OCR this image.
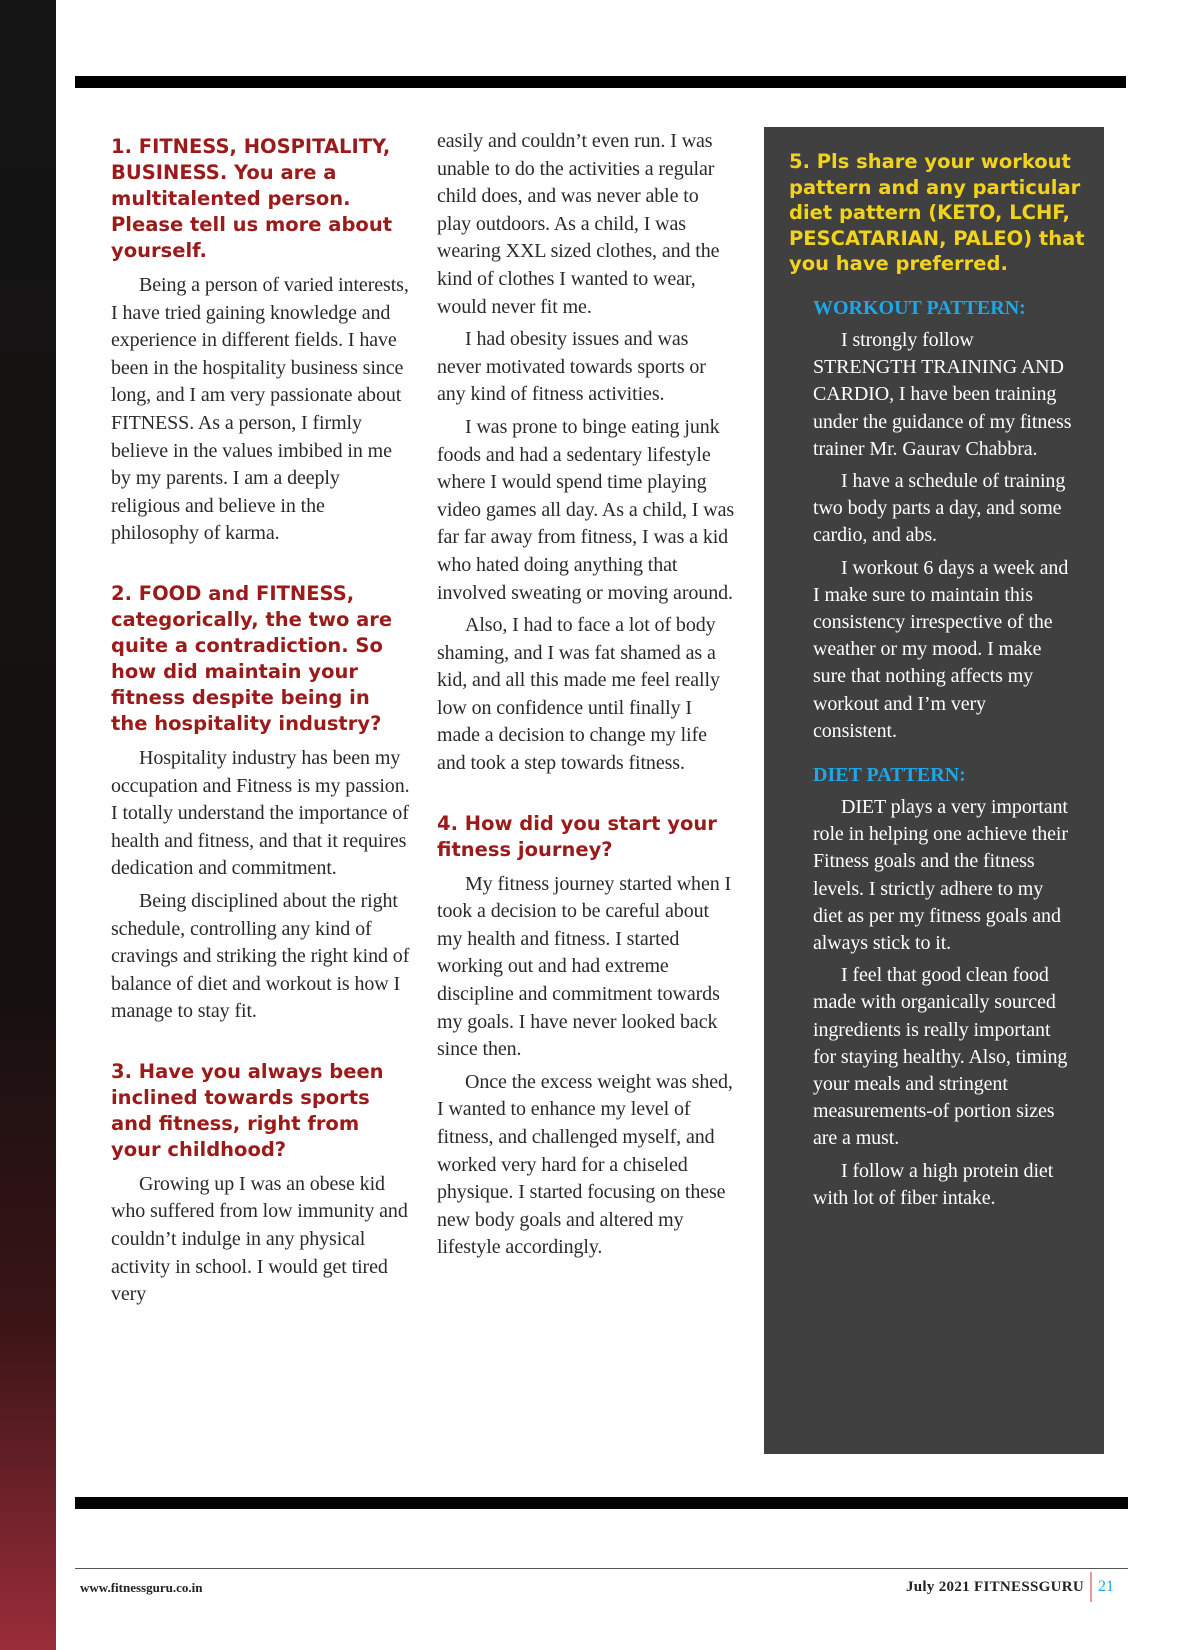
1. FITNESS, HOSPITALITY, BUSINESS. You are a multitalented person. Please tell us more about yourself.

Being a person of varied interests, I have tried gaining knowledge and experience in different fields. I have been in the hospitality business since long, and I am very passionate about FITNESS. As a person, I firmly believe in the values imbibed in me by my parents. I am a deeply religious and believe in the philosophy of karma.

2. FOOD and FITNESS, categorically, the two are quite a contradiction. So how did maintain your fitness despite being in the hospitality industry?

Hospitality industry has been my occupation and Fitness is my passion. I totally understand the importance of health and fitness, and that it requires dedication and commitment.

Being disciplined about the right schedule, controlling any kind of cravings and striking the right kind of balance of diet and workout is how I manage to stay fit.

3. Have you always been inclined towards sports and fitness, right from your childhood?

Growing up I was an obese kid who suffered from low immunity and couldn’t indulge in any physical activity in school. I would get tired very

easily and couldn’t even run. I was unable to do the activities a regular child does, and was never able to play outdoors. As a child, I was wearing XXL sized clothes, and the kind of clothes I wanted to wear, would never fit me.

I had obesity issues and was never motivated towards sports or any kind of fitness activities.

I was prone to binge eating junk foods and had a sedentary lifestyle where I would spend time playing video games all day. As a child, I was far far away from fitness, I was a kid who hated doing anything that involved sweating or moving around.

Also, I had to face a lot of body shaming, and I was fat shamed as a kid, and all this made me feel really low on confidence until finally I made a decision to change my life and took a step towards fitness.

4. How did you start your fitness journey?

My fitness journey started when I took a decision to be careful about my health and fitness. I started working out and had extreme discipline and commitment towards my goals. I have never looked back since then.

Once the excess weight was shed, I wanted to enhance my level of fitness, and challenged myself, and worked very hard for a chiseled physique. I started focusing on these new body goals and altered my lifestyle accordingly.

5. Pls share your workout pattern and any particular diet pattern (KETO, LCHF, PESCATARIAN, PALEO) that you have preferred.
WORKOUT PATTERN:

I strongly follow STRENGTH TRAINING AND CARDIO, I have been training under the guidance of my fitness trainer Mr. Gaurav Chabbra.

I have a schedule of training two body parts a day, and some cardio, and abs.

I workout 6 days a week and I make sure to maintain this consistency irrespective of the weather or my mood. I make sure that nothing affects my workout and I’m very consistent.

DIET PATTERN:

DIET plays a very important role in helping one achieve their Fitness goals and the fitness levels. I strictly adhere to my diet as per my fitness goals and always stick to it.

I feel that good clean food made with organically sourced ingredients is really important for staying healthy. Also, timing your meals and stringent measurements-of portion sizes are a must.

I follow a high protein diet with lot of fiber intake.

www.fitnessguru.co.in	July 2021 FITNESSGURU 21
